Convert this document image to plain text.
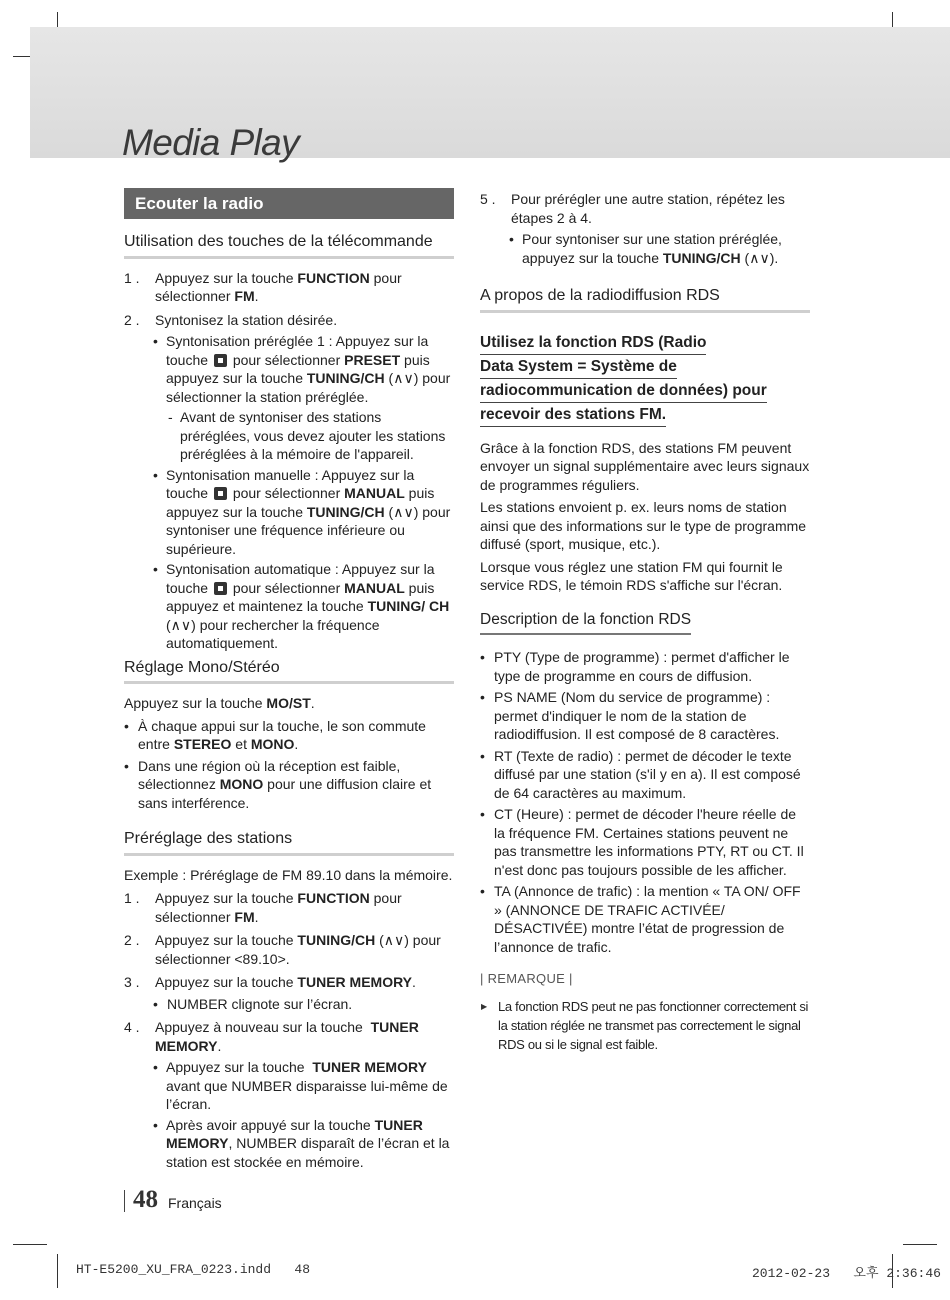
Media Play
Ecouter la radio
Utilisation des touches de la télécommande
1 . Appuyez sur la touche FUNCTION pour sélectionner FM.
2 . Syntonisez la station désirée.
• Syntonisation préréglée 1 : Appuyez sur la touche  pour sélectionner PRESET puis appuyez sur la touche TUNING/CH (∧∨) pour sélectionner la station préréglée.
- Avant de syntoniser des stations préréglées, vous devez ajouter les stations préréglées à la mémoire de l'appareil.
• Syntonisation manuelle : Appuyez sur la touche  pour sélectionner MANUAL puis appuyez sur la touche TUNING/CH (∧∨) pour syntoniser une fréquence inférieure ou supérieure.
• Syntonisation automatique : Appuyez sur la touche  pour sélectionner MANUAL puis appuyez et maintenez la touche TUNING/ CH (∧∨) pour rechercher la fréquence automatiquement.
Réglage Mono/Stéréo

Appuyez sur la touche MO/ST.

• À chaque appui sur la touche, le son commute entre STEREO et MONO.
• Dans une région où la réception est faible, sélectionnez MONO pour une diffusion claire et sans interférence.
Préréglage des stations

Exemple : Préréglage de FM 89.10 dans la mémoire.

1 . Appuyez sur la touche FUNCTION pour sélectionner FM.
2 . Appuyez sur la touche TUNING/CH (∧∨) pour sélectionner <89.10>.
3 . Appuyez sur la touche TUNER MEMORY.
• NUMBER clignote sur l’écran.
4 . Appuyez à nouveau sur la touche  TUNER MEMORY.
• Appuyez sur la touche  TUNER MEMORY avant que NUMBER disparaisse lui-même de l’écran.
• Après avoir appuyé sur la touche TUNER MEMORY, NUMBER disparaît de l’écran et la station est stockée en mémoire.
5 . Pour prérégler une autre station, répétez les étapes 2 à 4.
• Pour syntoniser sur une station préréglée, appuyez sur la touche TUNING/CH (∧∨).
A propos de la radiodiffusion RDS
Utilisez la fonction RDS (Radio
Data System = Système de
radiocommunication de données) pour
recevoir des stations FM.

Grâce à la fonction RDS, des stations FM peuvent envoyer un signal supplémentaire avec leurs signaux de programmes réguliers.

Les stations envoient p. ex. leurs noms de station ainsi que des informations sur le type de programme diffusé (sport, musique, etc.).

Lorsque vous réglez une station FM qui fournit le service RDS, le témoin RDS s'affiche sur l'écran.

Description de la fonction RDS
• PTY (Type de programme) : permet d'afficher le type de programme en cours de diffusion.
• PS NAME (Nom du service de programme) : permet d'indiquer le nom de la station de radiodiffusion. Il est composé de 8 caractères.
• RT (Texte de radio) : permet de décoder le texte diffusé par une station (s'il y en a). Il est composé de 64 caractères au maximum.
• CT (Heure) : permet de décoder l'heure réelle de la fréquence FM. Certaines stations peuvent ne pas transmettre les informations PTY, RT ou CT. Il n'est donc pas toujours possible de les afficher.
• TA (Annonce de trafic) : la mention « TA ON/ OFF » (ANNONCE DE TRAFIC ACTIVÉE/ DÉSACTIVÉE) montre l’état de progression de l’annonce de trafic.
| REMARQUE |
▶ La fonction RDS peut ne pas fonctionner correctement si la station réglée ne transmet pas correctement le signal RDS ou si le signal est faible.
48 Français
HT-E5200_XU_FRA_0223.indd   48	2012-02-23   오후 2:36:46
